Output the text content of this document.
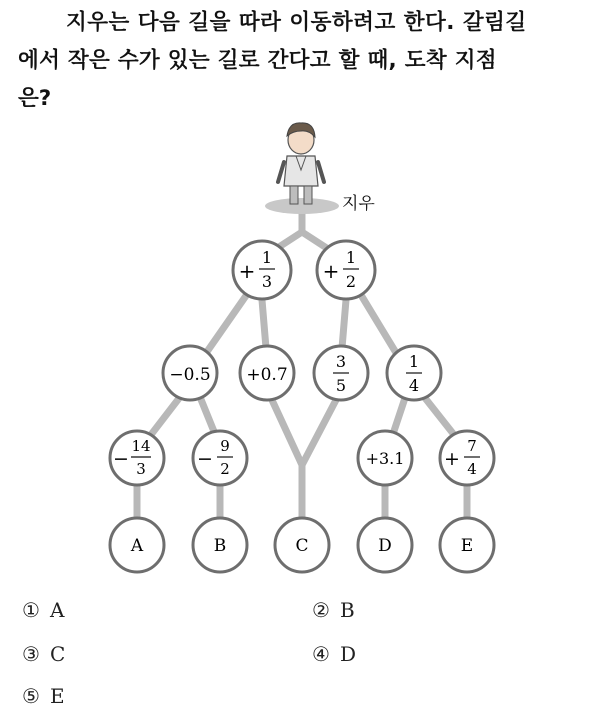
지우는 다음 길을 따라 이동하려고 한다. 갈림길
에서 작은 수가 있는 길로 간다고 할 때, 도착 지점
은?
지우
+
1
3	+
1
2
−0.5 +0.7
3
5
1
4
−
14
3	−
9
2
+3.1 +
7
4
A	B	C	D	E
① A	② B
③ C	④ D
⑤ E
